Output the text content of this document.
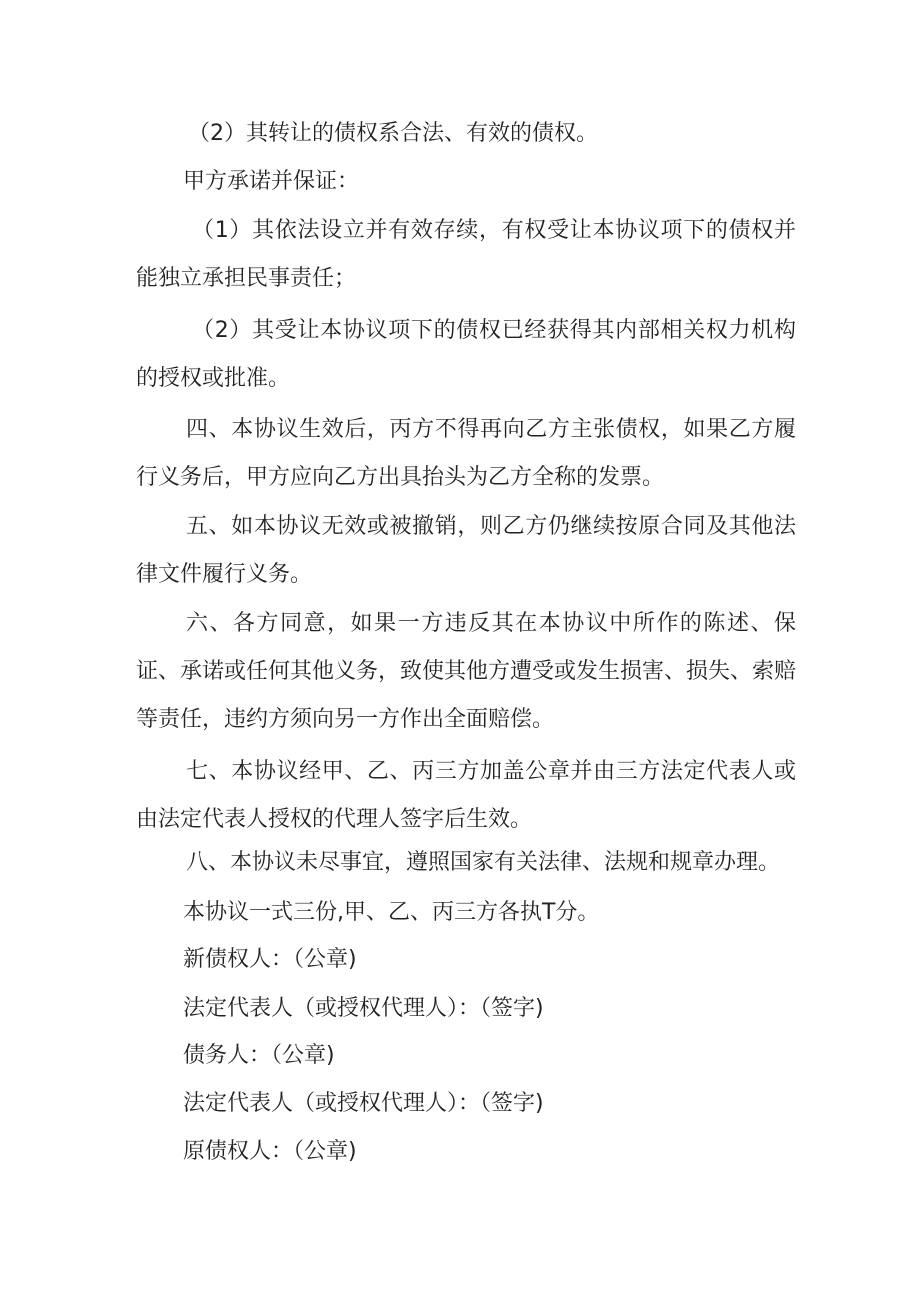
（2）其转让的债权系合法、有效的债权。
甲方承诺并保证：

（1）其依法设立并有效存续，有权受让本协议项下的债权并能独立承担民事责任；

（2）其受让本协议项下的债权已经获得其内部相关权力机构的授权或批准。

四、本协议生效后，丙方不得再向乙方主张债权，如果乙方履行义务后，甲方应向乙方出具抬头为乙方全称的发票。

五、如本协议无效或被撤销，则乙方仍继续按原合同及其他法律文件履行义务。

六、各方同意，如果一方违反其在本协议中所作的陈述、保证、承诺或任何其他义务，致使其他方遭受或发生损害、损失、索赔等责任，违约方须向另一方作出全面赔偿。

七、本协议经甲、乙、丙三方加盖公章并由三方法定代表人或由法定代表人授权的代理人签字后生效。

八、本协议未尽事宜，遵照国家有关法律、法规和规章办理。
本协议一式三份,甲、乙、丙三方各执T分。
新债权人：（公章)
法定代表人（或授权代理人）：（签字)
债务人：（公章)
法定代表人（或授权代理人）：（签字)
原债权人：（公章)
